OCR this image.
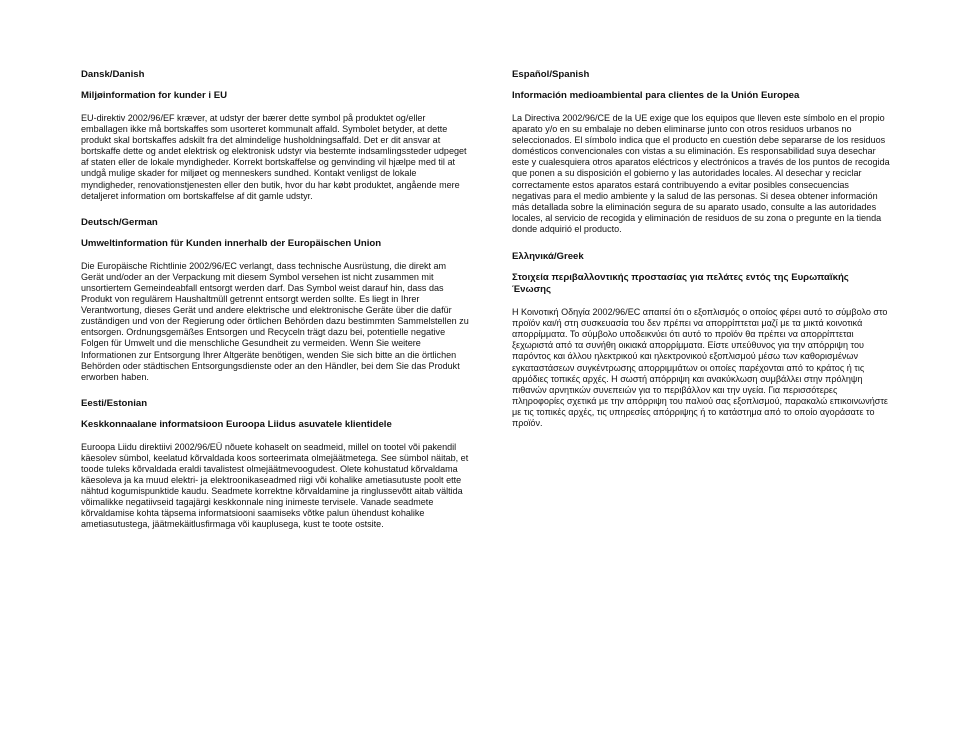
Dansk/Danish
Miljøinformation for kunder i EU

EU-direktiv 2002/96/EF kræver, at udstyr der bærer dette symbol på produktet og/eller emballagen ikke må bortskaffes som usorteret kommunalt affald. Symbolet betyder, at dette produkt skal bortskaffes adskilt fra det almindelige husholdningsaffald. Det er dit ansvar at bortskaffe dette og andet elektrisk og elektronisk udstyr via bestemte indsamlingssteder udpeget af staten eller de lokale myndigheder. Korrekt bortskaffelse og genvinding vil hjælpe med til at undgå mulige skader for miljøet og menneskers sundhed. Kontakt venligst de lokale myndigheder, renovationstjenesten eller den butik, hvor du har købt produktet, angående mere detaljeret information om bortskaffelse af dit gamle udstyr.

Deutsch/German
Umweltinformation für Kunden innerhalb der Europäischen Union

Die Europäische Richtlinie 2002/96/EC verlangt, dass technische Ausrüstung, die direkt am Gerät und/oder an der Verpackung mit diesem Symbol versehen ist nicht zusammen mit unsortiertem Gemeindeabfall entsorgt werden darf. Das Symbol weist darauf hin, dass das Produkt von regulärem Haushaltmüll getrennt entsorgt werden sollte. Es liegt in Ihrer Verantwortung, dieses Gerät und andere elektrische und elektronische Geräte über die dafür zuständigen und von der Regierung oder örtlichen Behörden dazu bestimmten Sammelstellen zu entsorgen. Ordnungsgemäßes Entsorgen und Recyceln trägt dazu bei, potentielle negative Folgen für Umwelt und die menschliche Gesundheit zu vermeiden. Wenn Sie weitere Informationen zur Entsorgung Ihrer Altgeräte benötigen, wenden Sie sich bitte an die örtlichen Behörden oder städtischen Entsorgungsdienste oder an den Händler, bei dem Sie das Produkt erworben haben.

Eesti/Estonian
Keskkonnaalane informatsioon Euroopa Liidus asuvatele klientidele

Euroopa Liidu direktiivi 2002/96/EÜ nõuete kohaselt on seadmeid, millel on tootel või pakendil käesolev sümbol, keelatud kõrvaldada koos sorteerimata olmejäätmetega. See sümbol näitab, et toode tuleks kõrvaldada eraldi tavalistest olmejäätmevoogudest. Olete kohustatud kõrvaldama käesoleva ja ka muud elektri- ja elektroonikaseadmed riigi või kohalike ametiasutuste poolt ette nähtud kogumispunktide kaudu. Seadmete korrektne kõrvaldamine ja ringlussevõtt aitab vältida võimalikke negatiivseid tagajärgi keskkonnale ning inimeste tervisele. Vanade seadmete kõrvaldamise kohta täpsema informatsiooni saamiseks võtke palun ühendust kohalike ametiasutustega, jäätmekäitlusfirmaga või kauplusega, kust te toote ostsite.

Español/Spanish
Información medioambiental para clientes de la Unión Europea

La Directiva 2002/96/CE de la UE exige que los equipos que lleven este símbolo en el propio aparato y/o en su embalaje no deben eliminarse junto con otros residuos urbanos no seleccionados. El símbolo indica que el producto en cuestión debe separarse de los residuos domésticos convencionales con vistas a su eliminación. Es responsabilidad suya desechar este y cualesquiera otros aparatos eléctricos y electrónicos a través de los puntos de recogida que ponen a su disposición el gobierno y las autoridades locales. Al desechar y reciclar correctamente estos aparatos estará contribuyendo a evitar posibles consecuencias negativas para el medio ambiente y la salud de las personas. Si desea obtener información más detallada sobre la eliminación segura de su aparato usado, consulte a las autoridades locales, al servicio de recogida y eliminación de residuos de su zona o pregunte en la tienda donde adquirió el producto.

Ελληνικά/Greek
Στοιχεία περιβαλλοντικής προστασίας για πελάτες εντός της Ευρωπαϊκής Ένωσης

Η Κοινοτική Οδηγία 2002/96/EC απαιτεί ότι ο εξοπλισμός ο οποίος φέρει αυτό το σύμβολο στο προϊόν και/ή στη συσκευασία του δεν πρέπει να απορρίπτεται μαζί με τα μικτά κοινοτικά απορρίμματα. Το σύμβολο υποδεικνύει ότι αυτό το προϊόν θα πρέπει να απορρίπτεται ξεχωριστά από τα συνήθη οικιακά απορρίμματα. Είστε υπεύθυνος για την απόρριψη του παρόντος και άλλου ηλεκτρικού και ηλεκτρονικού εξοπλισμού μέσω των καθορισμένων εγκαταστάσεων συγκέντρωσης απορριμμάτων οι οποίες παρέχονται από το κράτος ή τις αρμόδιες τοπικές αρχές. Η σωστή απόρριψη και ανακύκλωση συμβάλλει στην πρόληψη πιθανών αρνητικών συνεπειών για το περιβάλλον και την υγεία. Για περισσότερες πληροφορίες σχετικά με την απόρριψη του παλιού σας εξοπλισμού, παρακαλώ επικοινωνήστε με τις τοπικές αρχές, τις υπηρεσίες απόρριψης ή το κατάστημα από το οποίο αγοράσατε το προϊόν.
